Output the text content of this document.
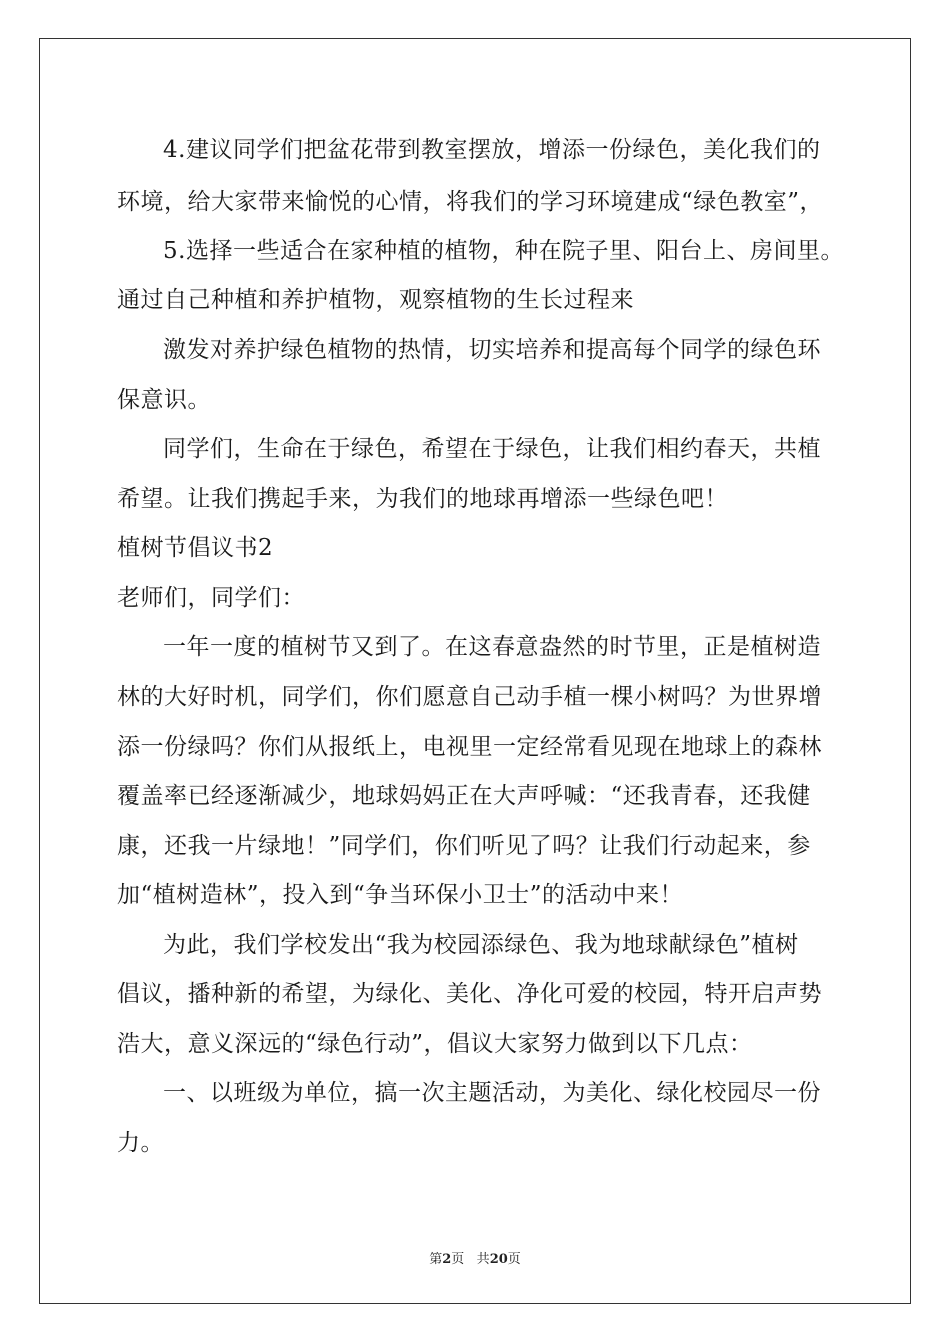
4.建议同学们把盆花带到教室摆放，增添一份绿色，美化我们的
环境，给大家带来愉悦的心情，将我们的学习环境建成“绿色教室”，
5.选择一些适合在家种植的植物，种在院子里、阳台上、房间里。
通过自己种植和养护植物，观察植物的生长过程来
激发对养护绿色植物的热情，切实培养和提高每个同学的绿色环
保意识。
同学们，生命在于绿色，希望在于绿色，让我们相约春天，共植
希望。让我们携起手来，为我们的地球再增添一些绿色吧！
植树节倡议书2
老师们，同学们：
一年一度的植树节又到了。在这春意盎然的时节里，正是植树造
林的大好时机，同学们，你们愿意自己动手植一棵小树吗？为世界增
添一份绿吗？你们从报纸上，电视里一定经常看见现在地球上的森林
覆盖率已经逐渐减少，地球妈妈正在大声呼喊：“还我青春，还我健
康，还我一片绿地！”同学们，你们听见了吗？让我们行动起来，参
加“植树造林”，投入到“争当环保小卫士”的活动中来！
为此，我们学校发出“我为校园添绿色、我为地球献绿色”植树
倡议，播种新的希望，为绿化、美化、净化可爱的校园，特开启声势
浩大，意义深远的“绿色行动”，倡议大家努力做到以下几点：
一、以班级为单位，搞一次主题活动，为美化、绿化校园尽一份
力。
第2页 共20页
